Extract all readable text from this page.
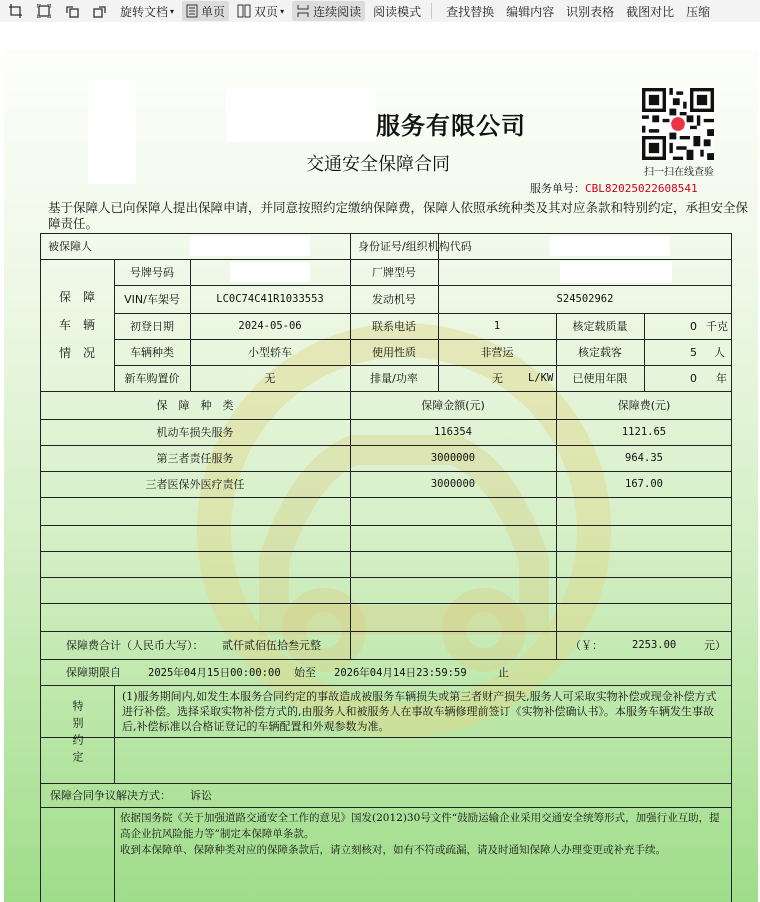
旋转文档 ▾ 单页 双页 ▾ 连续阅读 阅读模式 查找替换 编辑内容 识别表格 截图对比 压缩
服务有限公司
交通安全保障合同	扫一扫在线查验
服务单号：CBL82025022608541
基于保障人已向保障人提出保障申请，并同意按照约定缴纳保障费，保障人依照承统种类及其对应条款和特别约定，承担安全保障责任。
被保障人	身份证号/组织机构代码
保　障
车　辆
情　况
号牌号码	厂牌型号
VIN/车架号	LC0C74C41R1033553	发动机号	S24502962
初登日期	2024-05-06	联系电话	1	核定载质量	0 千克
车辆种类	小型轿车	使用性质	非营运	核定载客	5 人
新车购置价	无	排量/功率	无 L/KW	已使用年限	0 年
保　障　种　类	保障金额(元)	保障费(元)
机动车损失服务	116354	1121.65
第三者责任服务	3000000	964.35
三者医保外医疗责任	3000000	167.00
保障费合计（人民币大写）： 贰仟贰佰伍拾叁元整	（￥：	2253.00	元）
保障期限自	2025年04月15日00:00:00 始至 2026年04月14日23:59:59	止
特别约定
(1)服务期间内,如发生本服务合同约定的事故造成被服务车辆损失或第三者财产损失,服务人可采取实物补偿或现金补偿方式进行补偿。选择采取实物补偿方式的,由服务人和被服务人在事故车辆修理前签订《实物补偿确认书》。本服务车辆发生事故后,补偿标准以合格证登记的车辆配置和外观参数为准。
保障合同争议解决方式： 诉讼
依据国务院《关于加强道路交通安全工作的意见》国发(2012)30号文件“鼓励运输企业采用交通安全统筹形式，加强行业互助，提
高企业抗风险能力等”制定本保障单条款。
收到本保障单、保障种类对应的保障条款后，请立刻核对，如有不符或疏漏，请及时通知保障人办理变更或补充手续。
